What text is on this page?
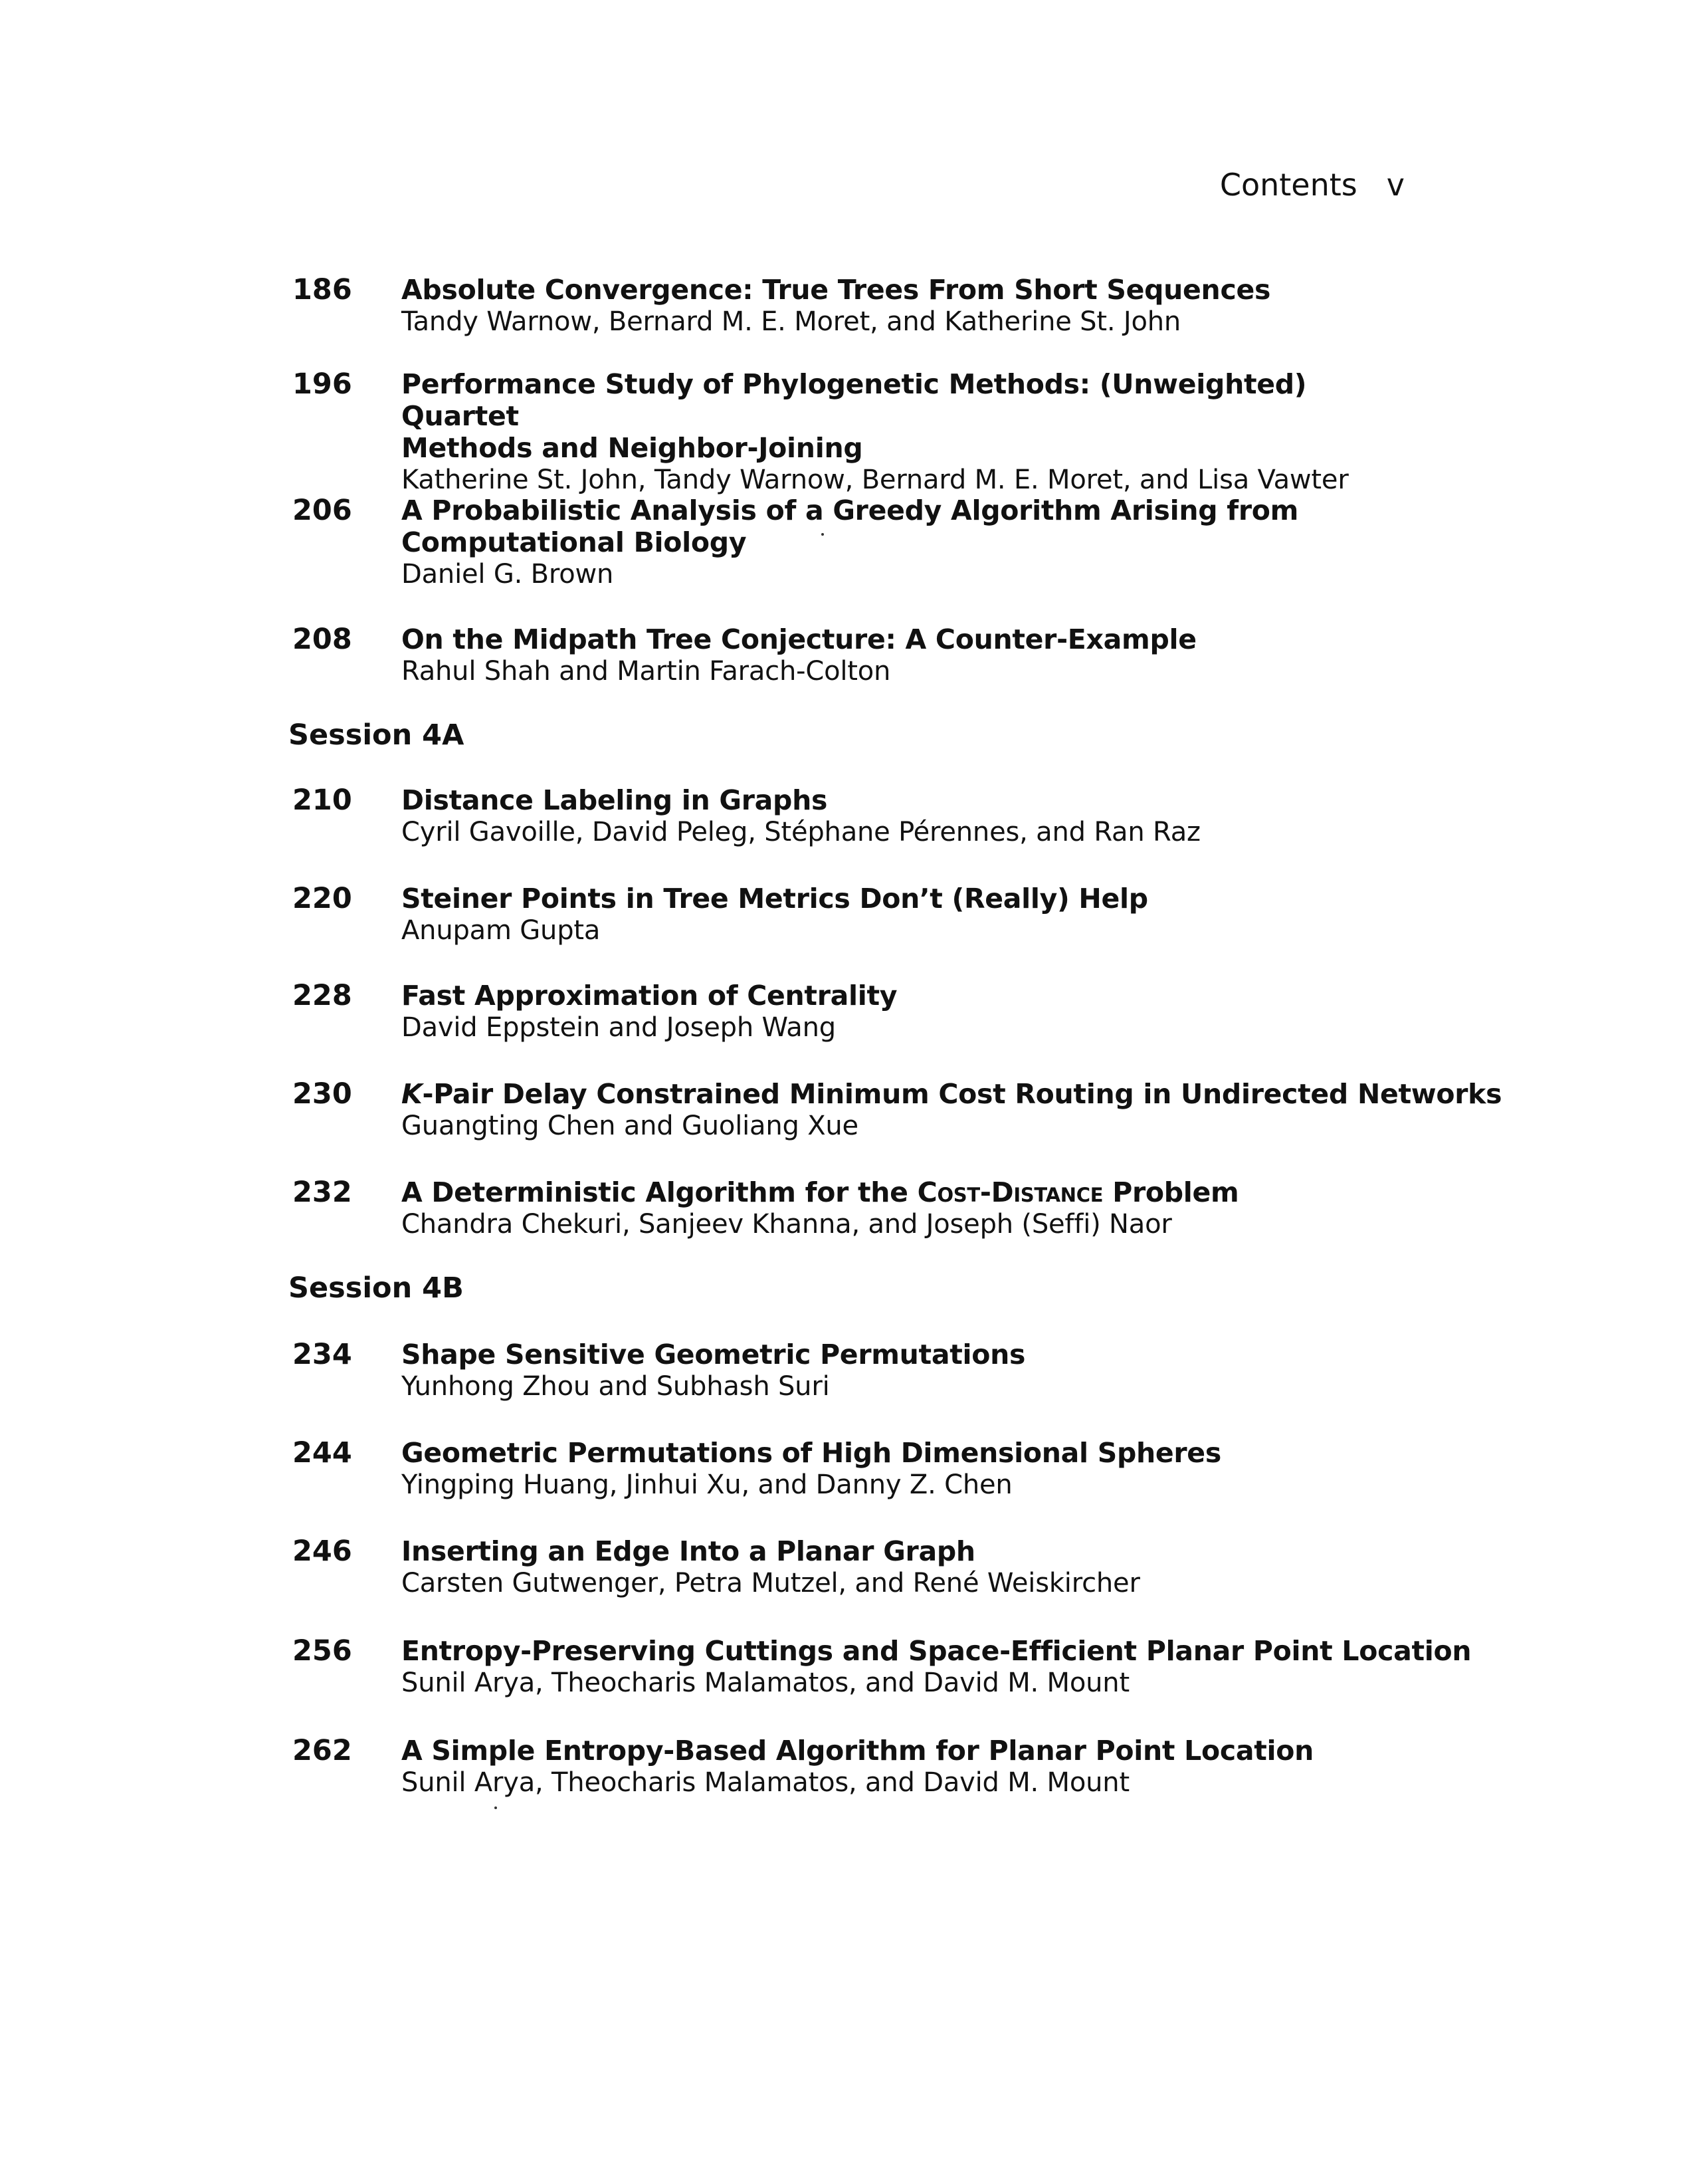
Contents v
186 Absolute Convergence: True Trees From Short Sequences
Tandy Warnow, Bernard M. E. Moret, and Katherine St. John
196 Performance Study of Phylogenetic Methods: (Unweighted) Quartet
Methods and Neighbor-Joining
Katherine St. John, Tandy Warnow, Bernard M. E. Moret, and Lisa Vawter
206 A Probabilistic Analysis of a Greedy Algorithm Arising from
Computational Biology
Daniel G. Brown
208 On the Midpath Tree Conjecture: A Counter-Example
Rahul Shah and Martin Farach-Colton
Session 4A
210 Distance Labeling in Graphs
Cyril Gavoille, David Peleg, Stéphane Pérennes, and Ran Raz
220 Steiner Points in Tree Metrics Don’t (Really) Help
Anupam Gupta
228 Fast Approximation of Centrality
David Eppstein and Joseph Wang
230 K-Pair Delay Constrained Minimum Cost Routing in Undirected Networks
Guangting Chen and Guoliang Xue
232 A Deterministic Algorithm for the Cost-Distance Problem
Chandra Chekuri, Sanjeev Khanna, and Joseph (Seffi) Naor
Session 4B
234 Shape Sensitive Geometric Permutations
Yunhong Zhou and Subhash Suri
244 Geometric Permutations of High Dimensional Spheres
Yingping Huang, Jinhui Xu, and Danny Z. Chen
246 Inserting an Edge Into a Planar Graph
Carsten Gutwenger, Petra Mutzel, and René Weiskircher
256 Entropy-Preserving Cuttings and Space-Efficient Planar Point Location
Sunil Arya, Theocharis Malamatos, and David M. Mount
262 A Simple Entropy-Based Algorithm for Planar Point Location
Sunil Arya, Theocharis Malamatos, and David M. Mount
